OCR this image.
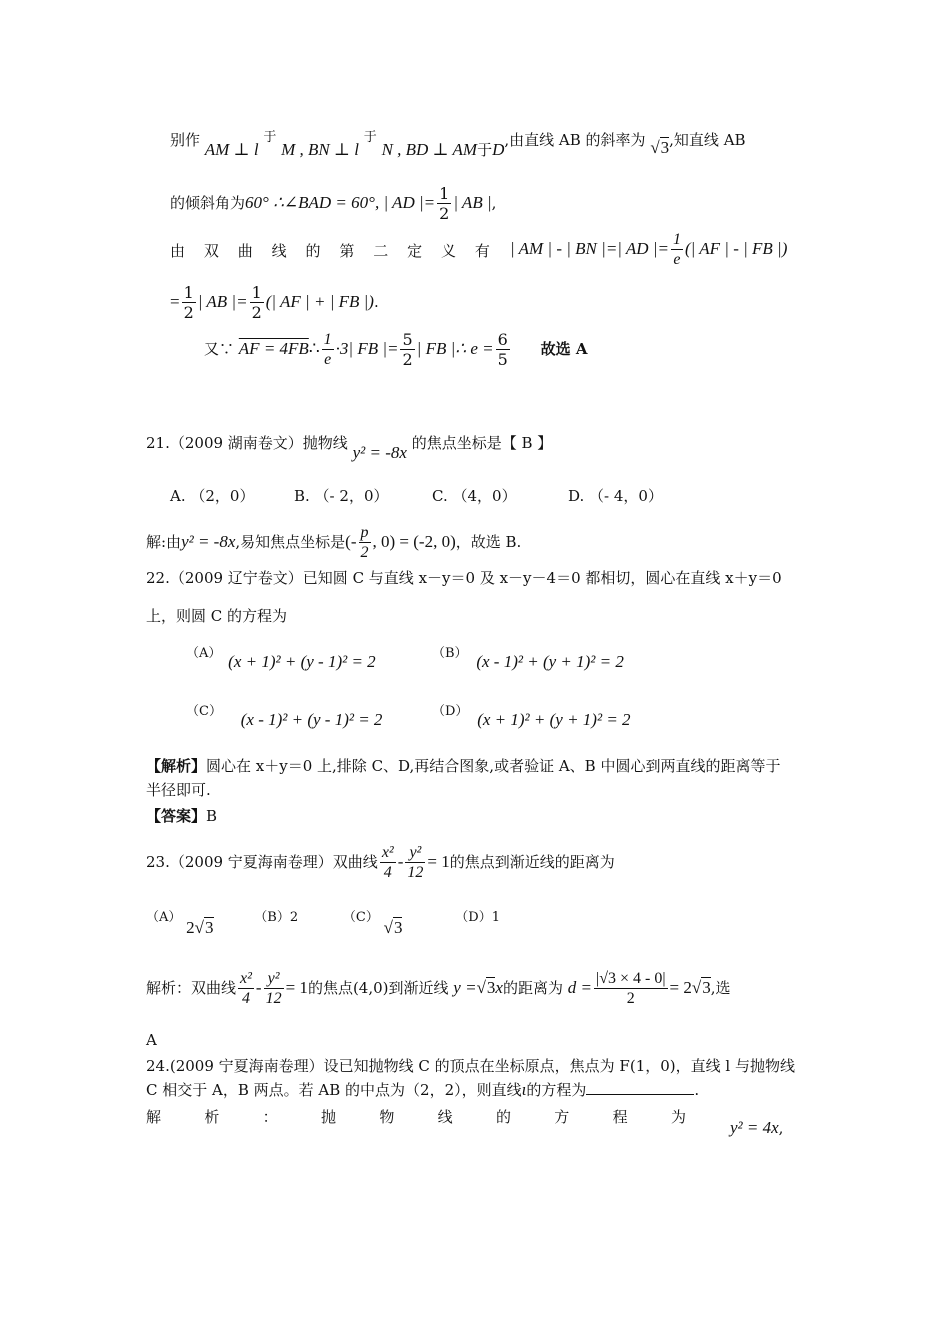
别作 AM ⊥ l 于 M , BN ⊥ l 于 N , BD ⊥ AM于D,由直线 AB 的斜率为 √3,知直线 AB
的倾斜角为60° ∴∠BAD = 60°, | AD |= $\frac{1}{2}$ | AB |,
由 双 曲 线 的 第 二 定 义 有 | AM | - | BN |=| AD |= $\frac{1}{e}$ (| AF | - | FB |)
= $\frac{1}{2}$ | AB |= $\frac{1}{2}$ (| AF | + | FB |).
又∵ AF = 4FB∴ $\frac{1}{e} \cdot 3|$ FB |= $\frac{5}{2}$ | FB |∴ $e = \frac{6}{5}$ 故选 A
21.（2009 湖南卷文）抛物线 y² = -8x 的焦点坐标是【 B 】
A. （2，0）	B. （- 2，0）	C. （4，0）	D. （- 4，0）
解:由y² = -8x,易知焦点坐标是(- $\frac{p}{2}$ , 0) = (-2, 0)，故选 B.
22.（2009 辽宁卷文）已知圆 C 与直线 x－y＝0 及 x－y－4＝0 都相切，圆心在直线 x＋y＝0
上，则圆 C 的方程为
（A） (x + 1)² + (y - 1)² = 2	（B） (x - 1)² + (y + 1)² = 2
（C） (x - 1)² + (y - 1)² = 2	（D） (x + 1)² + (y + 1)² = 2
【解析】圆心在 x＋y＝0 上,排除 C、D,再结合图象,或者验证 A、B 中圆心到两直线的距离等于
半径即可.
【答案】B
23.（2009 宁夏海南卷理）双曲线 $\frac{\text{x²}}{4} - \frac{\text{y²}}{12} = 1$的焦点到渐近线的距离为
（A） 2√3 （B）2	（C） √3 （D）1
解析：双曲线 $\frac{\text{x²}}{4} - \frac{\text{y²}}{12} = 1$的焦点(4,0)到渐近线 y =√3x的距离为 $d = \frac{|√3 \times 4 - 0|}{2} = 2√3$,选
A
24.(2009 宁夏海南卷理）设已知抛物线 C 的顶点在坐标原点，焦点为 F(1，0)，直线 l 与抛物线
C 相交于 A，B 两点。若 AB 的中点为（2，2），则直线ι的方程为	.
解	析	：	抛	物	线	的	方	程	为
y² = 4x,
